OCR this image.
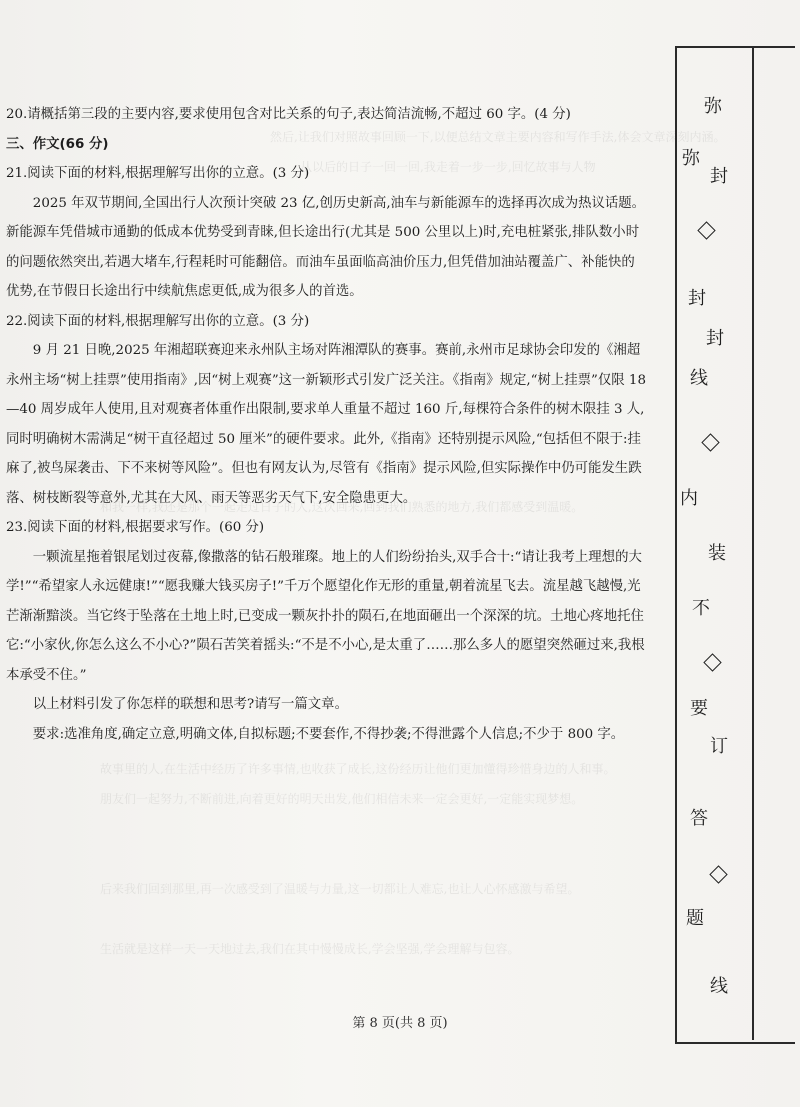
然后,让我们对照故事回顾一下,以便总结文章主要内容和写作手法,体会文章深刻内涵。
从以后的日子一回一回,我走着一步一步,回忆故事与人物
和我一样,我还是那个一起走过日子的人,这次回来,回到我们熟悉的地方,我们都感受到温暖。
故事里的人,在生活中经历了许多事情,也收获了成长,这份经历让他们更加懂得珍惜身边的人和事。
朋友们一起努力,不断前进,向着更好的明天出发,他们相信未来一定会更好,一定能实现梦想。
后来我们回到那里,再一次感受到了温暖与力量,这一切都让人难忘,也让人心怀感激与希望。
生活就是这样一天一天地过去,我们在其中慢慢成长,学会坚强,学会理解与包容。
20.请概括第三段的主要内容,要求使用包含对比关系的句子,表达简洁流畅,不超过 60 字。(4 分)
三、作文(66 分)
21.阅读下面的材料,根据理解写出你的立意。(3 分)

2025 年双节期间,全国出行人次预计突破 23 亿,创历史新高,油车与新能源车的选择再次成为热议话题。新能源车凭借城市通勤的低成本优势受到青睐,但长途出行(尤其是 500 公里以上)时,充电桩紧张,排队数小时的问题依然突出,若遇大堵车,行程耗时可能翻倍。而油车虽面临高油价压力,但凭借加油站覆盖广、补能快的优势,在节假日长途出行中续航焦虑更低,成为很多人的首选。

22.阅读下面的材料,根据理解写出你的立意。(3 分)

9 月 21 日晚,2025 年湘超联赛迎来永州队主场对阵湘潭队的赛事。赛前,永州市足球协会印发的《湘超永州主场“树上挂票”使用指南》,因“树上观赛”这一新颖形式引发广泛关注。《指南》规定,“树上挂票”仅限 18—40 周岁成年人使用,且对观赛者体重作出限制,要求单人重量不超过 160 斤,每棵符合条件的树木限挂 3 人,同时明确树木需满足“树干直径超过 50 厘米”的硬件要求。此外,《指南》还特别提示风险,“包括但不限于:挂麻了,被鸟屎袭击、下不来树等风险”。但也有网友认为,尽管有《指南》提示风险,但实际操作中仍可能发生跌落、树枝断裂等意外,尤其在大风、雨天等恶劣天气下,安全隐患更大。

23.阅读下面的材料,根据要求写作。(60 分)

一颗流星拖着银尾划过夜幕,像撒落的钻石般璀璨。地上的人们纷纷抬头,双手合十:“请让我考上理想的大学!”“希望家人永远健康!”“愿我赚大钱买房子!”千万个愿望化作无形的重量,朝着流星飞去。流星越飞越慢,光芒渐渐黯淡。当它终于坠落在土地上时,已变成一颗灰扑扑的陨石,在地面砸出一个深深的坑。土地心疼地托住它:“小家伙,你怎么这么不小心?”陨石苦笑着摇头:“不是不小心,是太重了……那么多人的愿望突然砸过来,我根本承受不住。”

以上材料引发了你怎样的联想和思考?请写一篇文章。

要求:选准角度,确定立意,明确文体,自拟标题;不要套作,不得抄袭;不得泄露个人信息;不少于 800 字。

第 8 页(共 8 页)
弥
封
弥
封
封
线
内
装
不
要
订
答
题
线
